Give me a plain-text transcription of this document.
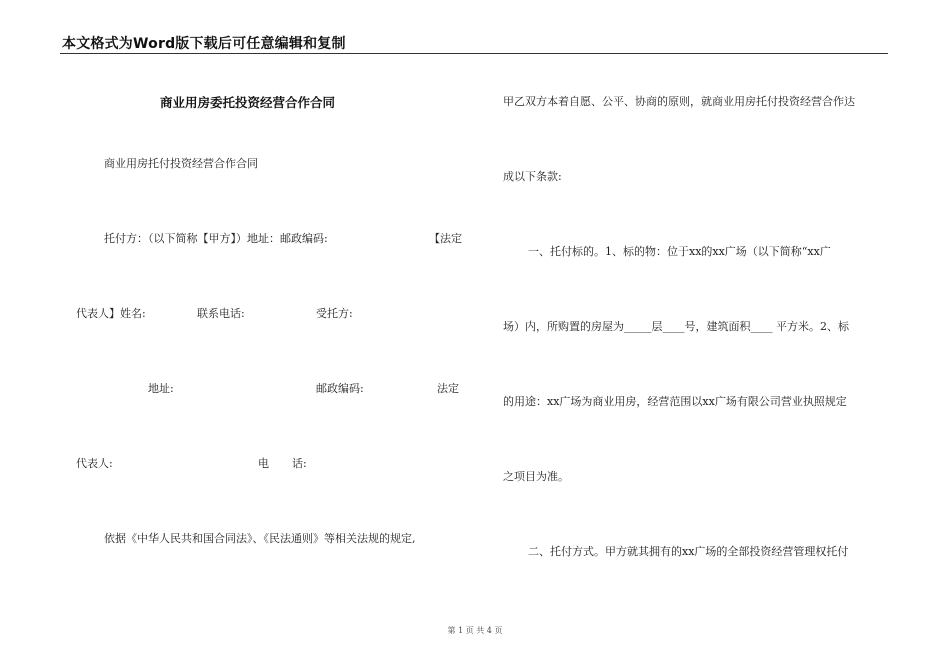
本文格式为Word版下载后可任意编辑和复制
商业用房委托投资经营合作合同
商业用房托付投资经营合作合同
托付方：（以下简称【甲方】）地址：邮政编码:	【法定
代表人】姓名:	联系电话:	受托方:
地址:	邮政编码:	法定
代表人:	电 话:
依据《中华人民共和国合同法》、《民法通则》等相关法规的规定,
甲乙双方本着自愿、公平、协商的原则，就商业用房托付投资经营合作达
成以下条款:
一、托付标的。1、标的物：位于xx的xx广场（以下简称“xx广
场）内，所购置的房屋为_____层____号，建筑面积____ 平方米。2、标
的用途：xx广场为商业用房，经营范围以xx广场有限公司营业执照规定
之项目为准。
二、托付方式。甲方就其拥有的xx广场的全部投资经营管理权托付
第 1 页 共 4 页
